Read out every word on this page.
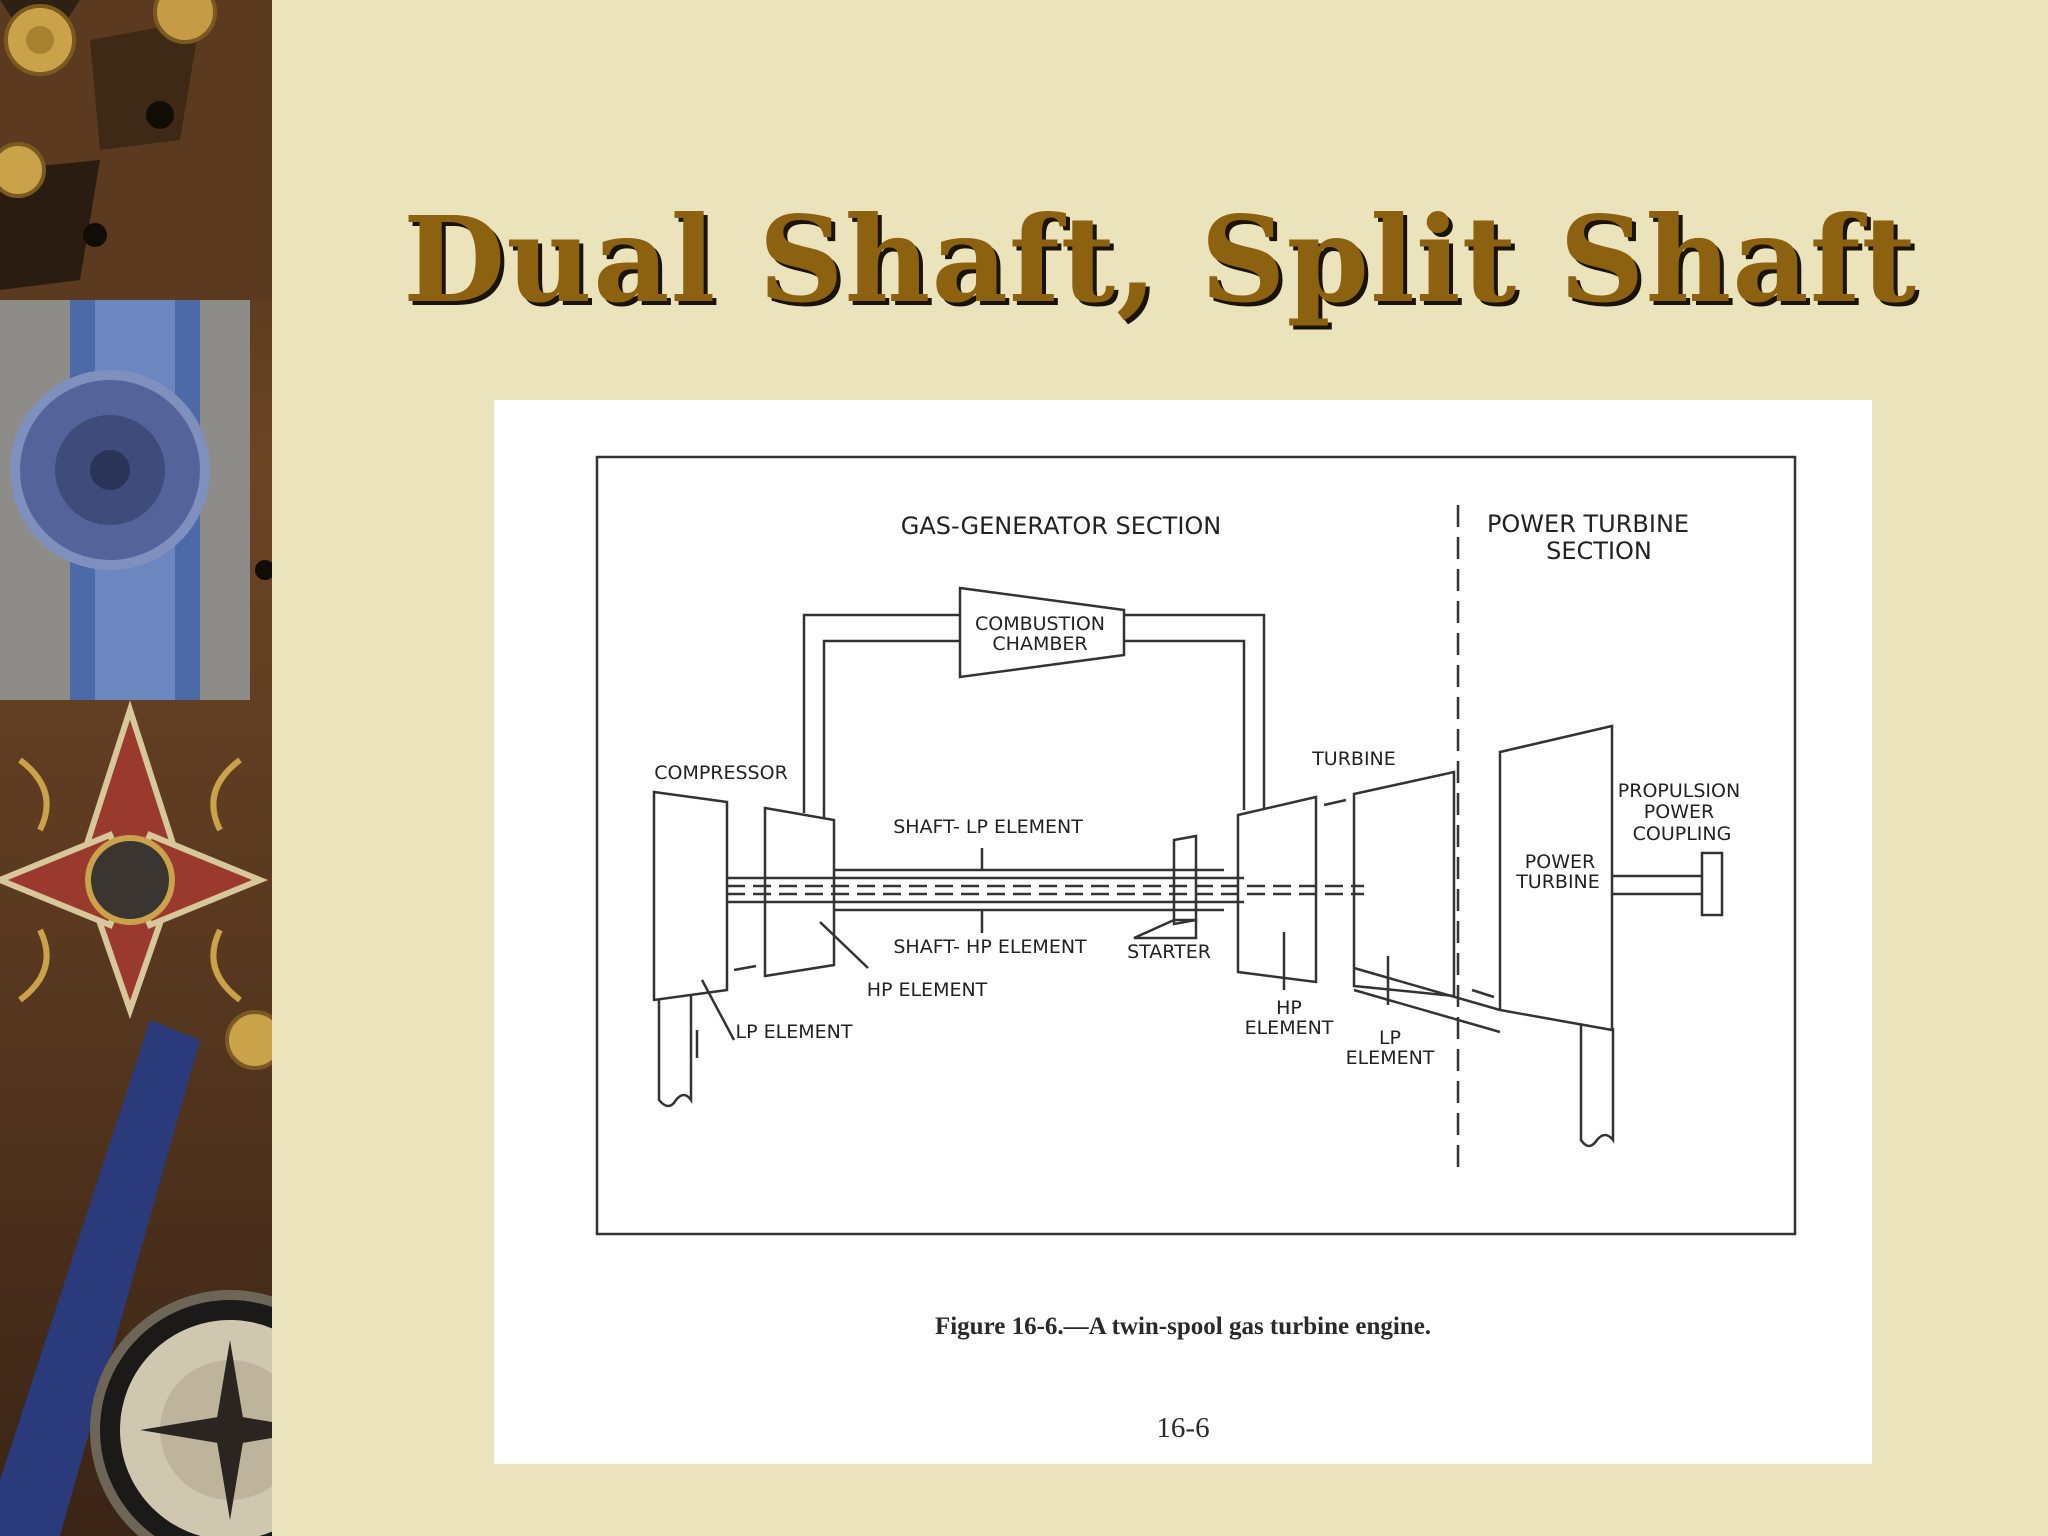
Dual Shaft, Split Shaft
GAS-GENERATOR SECTION	POWER TURBINE
SECTION
COMBUSTION
CHAMBER
COMPRESSOR
TURBINE
SHAFT- LP ELEMENT
SHAFT- HP ELEMENT STARTER
HP ELEMENT
LP ELEMENT
HP
ELEMENT LP
ELEMENT
PROPULSION
POWER
COUPLING
POWER
TURBINE
Figure 16-6.—A twin-spool gas turbine engine.
16-6
